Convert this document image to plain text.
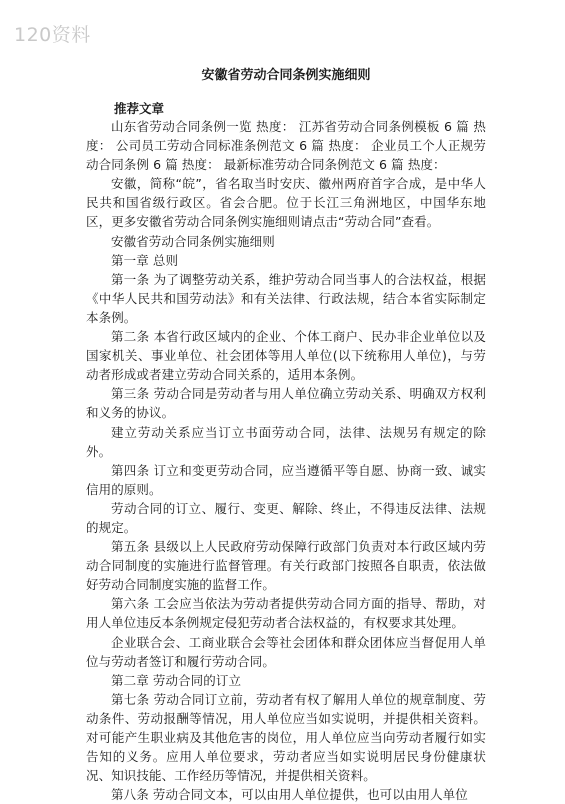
120资料
安徽省劳动合同条例实施细则
推荐文章

山东省劳动合同条例一览 热度： 江苏省劳动合同条例模板 6 篇 热度： 公司员工劳动合同标准条例范文 6 篇 热度： 企业员工个人正规劳动合同条例 6 篇 热度： 最新标准劳动合同条例范文 6 篇 热度：

安徽，简称“皖”，省名取当时安庆、徽州两府首字合成，是中华人民共和国省级行政区。省会合肥。位于长江三角洲地区，中国华东地区，更多安徽省劳动合同条例实施细则请点击“劳动合同”查看。

安徽省劳动合同条例实施细则

第一章 总则

第一条 为了调整劳动关系，维护劳动合同当事人的合法权益，根据《中华人民共和国劳动法》和有关法律、行政法规，结合本省实际制定本条例。

第二条 本省行政区域内的企业、个体工商户、民办非企业单位以及国家机关、事业单位、社会团体等用人单位(以下统称用人单位)，与劳动者形成或者建立劳动合同关系的，适用本条例。

第三条 劳动合同是劳动者与用人单位确立劳动关系、明确双方权利和义务的协议。

建立劳动关系应当订立书面劳动合同，法律、法规另有规定的除外。

第四条 订立和变更劳动合同，应当遵循平等自愿、协商一致、诚实信用的原则。

劳动合同的订立、履行、变更、解除、终止，不得违反法律、法规的规定。

第五条 县级以上人民政府劳动保障行政部门负责对本行政区域内劳动合同制度的实施进行监督管理。有关行政部门按照各自职责，依法做好劳动合同制度实施的监督工作。

第六条 工会应当依法为劳动者提供劳动合同方面的指导、帮助，对用人单位违反本条例规定侵犯劳动者合法权益的，有权要求其处理。

企业联合会、工商业联合会等社会团体和群众团体应当督促用人单位与劳动者签订和履行劳动合同。

第二章 劳动合同的订立

第七条 劳动合同订立前，劳动者有权了解用人单位的规章制度、劳动条件、劳动报酬等情况，用人单位应当如实说明，并提供相关资料。对可能产生职业病及其他危害的岗位，用人单位应当向劳动者履行如实告知的义务。应用人单位要求，劳动者应当如实说明居民身份健康状况、知识技能、工作经历等情况，并提供相关资料。

第八条 劳动合同文本，可以由用人单位提供，也可以由用人单位
